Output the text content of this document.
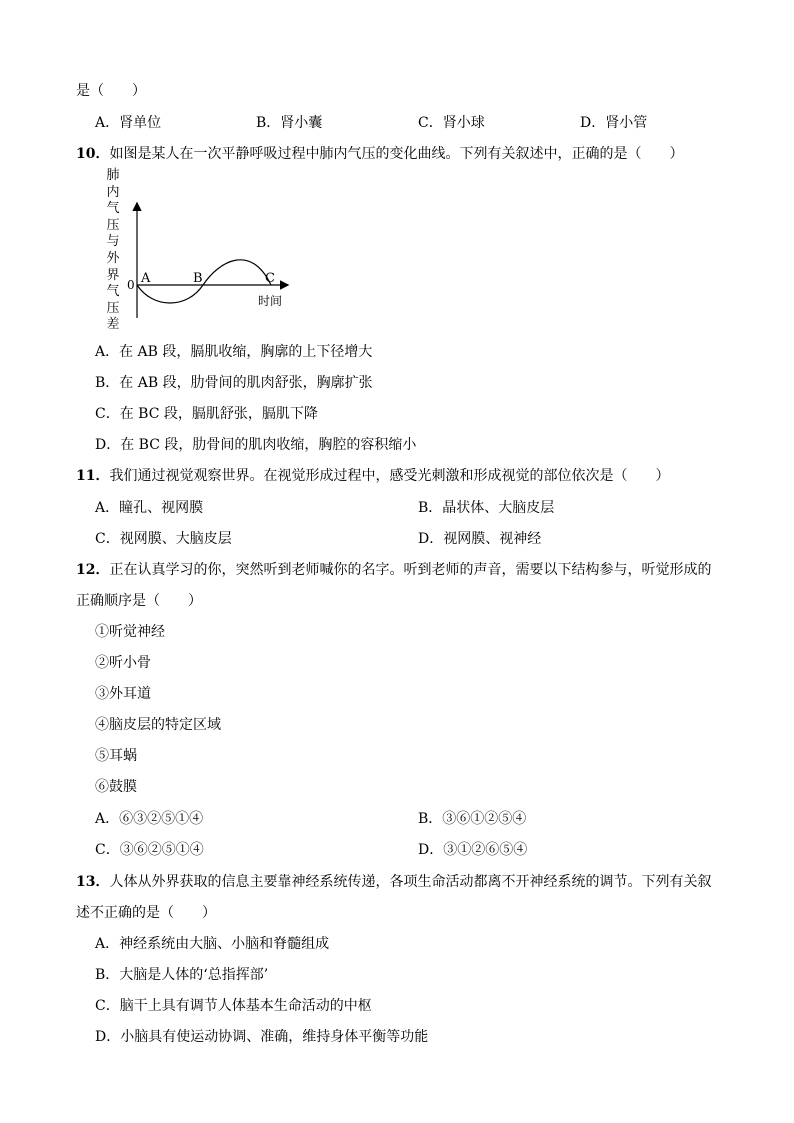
是（　　）
A．肾单位	B．肾小囊	C．肾小球	D．肾小管
10．如图是某人在一次平静呼吸过程中肺内气压的变化曲线。下列有关叙述中，正确的是（　　）
肺
内
气
压
与
外
界
气
压
差
0 A	B	C
时间
A．在 AB 段，膈肌收缩，胸廓的上下径增大
B．在 AB 段，肋骨间的肌肉舒张，胸廓扩张
C．在 BC 段，膈肌舒张，膈肌下降
D．在 BC 段，肋骨间的肌肉收缩，胸腔的容积缩小
11．我们通过视觉观察世界。在视觉形成过程中，感受光刺激和形成视觉的部位依次是（　　）
A．瞳孔、视网膜	B．晶状体、大脑皮层
C．视网膜、大脑皮层	D．视网膜、视神经
12．正在认真学习的你，突然听到老师喊你的名字。听到老师的声音，需要以下结构参与，听觉形成的
正确顺序是（　　）
①听觉神经
②听小骨
③外耳道
④脑皮层的特定区域
⑤耳蜗
⑥鼓膜
A．⑥③②⑤①④	B．③⑥①②⑤④
C．③⑥②⑤①④	D．③①②⑥⑤④
13．人体从外界获取的信息主要靠神经系统传递，各项生命活动都离不开神经系统的调节。下列有关叙
述不正确的是（　　）
A．神经系统由大脑、小脑和脊髓组成
B．大脑是人体的‘总指挥部’
C．脑干上具有调节人体基本生命活动的中枢
D．小脑具有使运动协调、准确，维持身体平衡等功能
